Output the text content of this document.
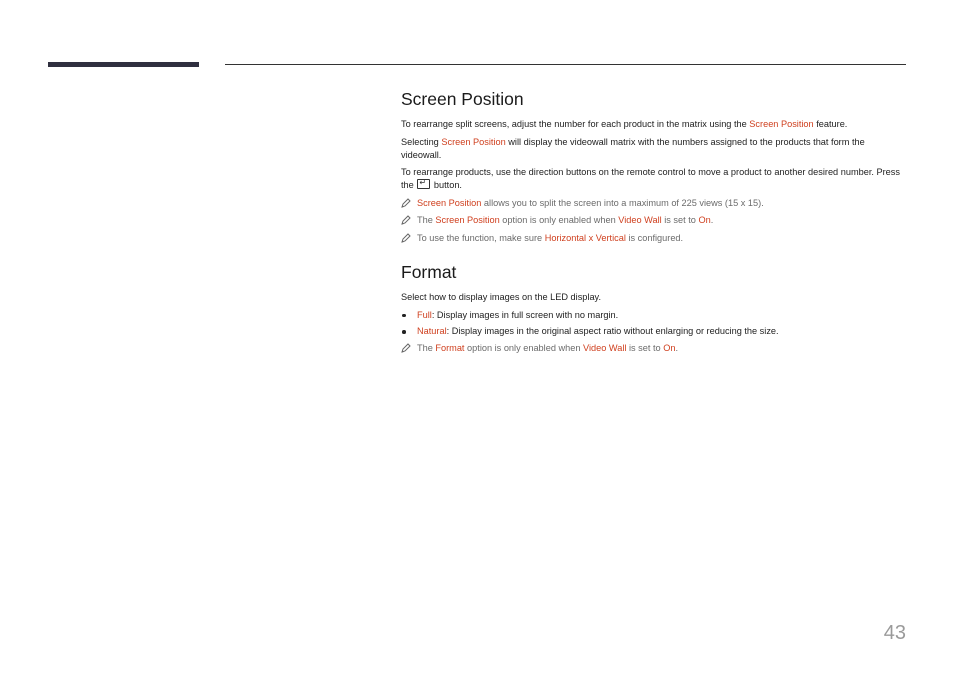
Screen Position

To rearrange split screens, adjust the number for each product in the matrix using the Screen Position feature.

Selecting Screen Position will display the videowall matrix with the numbers assigned to the products that form the videowall.

To rearrange products, use the direction buttons on the remote control to move a product to another desired number. Press the ↵ button.

Screen Position allows you to split the screen into a maximum of 225 views (15 x 15).
The Screen Position option is only enabled when Video Wall is set to On.
To use the function, make sure Horizontal x Vertical is configured.
Format

Select how to display images on the LED display.

Full: Display images in full screen with no margin.
Natural: Display images in the original aspect ratio without enlarging or reducing the size.
The Format option is only enabled when Video Wall is set to On.
43
